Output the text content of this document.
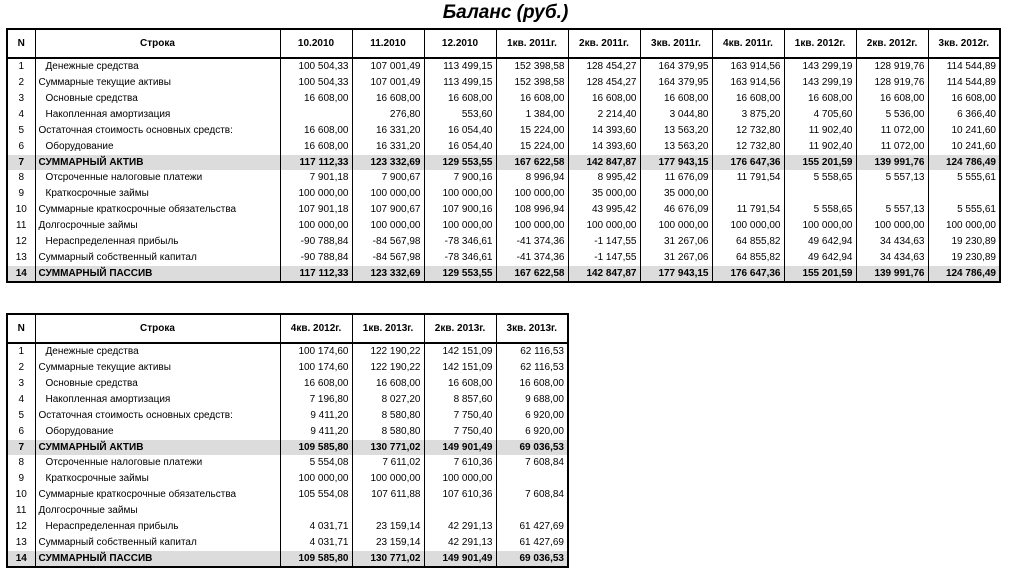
Баланс (руб.)
N	Строка	10.2010	11.2010	12.2010	1кв. 2011г.	2кв. 2011г.	3кв. 2011г.	4кв. 2011г.	1кв. 2012г.	2кв. 2012г.	3кв. 2012г.
1	Денежные средства	100 504,33	107 001,49	113 499,15	152 398,58	128 454,27	164 379,95	163 914,56	143 299,19	128 919,76	114 544,89
2	Суммарные текущие активы	100 504,33	107 001,49	113 499,15	152 398,58	128 454,27	164 379,95	163 914,56	143 299,19	128 919,76	114 544,89
3	Основные средства	16 608,00	16 608,00	16 608,00	16 608,00	16 608,00	16 608,00	16 608,00	16 608,00	16 608,00	16 608,00
4	Накопленная амортизация		276,80	553,60	1 384,00	2 214,40	3 044,80	3 875,20	4 705,60	5 536,00	6 366,40
5	Остаточная стоимость основных средств:	16 608,00	16 331,20	16 054,40	15 224,00	14 393,60	13 563,20	12 732,80	11 902,40	11 072,00	10 241,60
6	Оборудование	16 608,00	16 331,20	16 054,40	15 224,00	14 393,60	13 563,20	12 732,80	11 902,40	11 072,00	10 241,60
7	СУММАРНЫЙ АКТИВ	117 112,33	123 332,69	129 553,55	167 622,58	142 847,87	177 943,15	176 647,36	155 201,59	139 991,76	124 786,49
8	Отсроченные налоговые платежи	7 901,18	7 900,67	7 900,16	8 996,94	8 995,42	11 676,09	11 791,54	5 558,65	5 557,13	5 555,61
9	Краткосрочные займы	100 000,00	100 000,00	100 000,00	100 000,00	35 000,00	35 000,00				
10	Суммарные краткосрочные обязательства	107 901,18	107 900,67	107 900,16	108 996,94	43 995,42	46 676,09	11 791,54	5 558,65	5 557,13	5 555,61
11	Долгосрочные займы	100 000,00	100 000,00	100 000,00	100 000,00	100 000,00	100 000,00	100 000,00	100 000,00	100 000,00	100 000,00
12	Нераспределенная прибыль	-90 788,84	-84 567,98	-78 346,61	-41 374,36	-1 147,55	31 267,06	64 855,82	49 642,94	34 434,63	19 230,89
13	Суммарный собственный капитал	-90 788,84	-84 567,98	-78 346,61	-41 374,36	-1 147,55	31 267,06	64 855,82	49 642,94	34 434,63	19 230,89
14	СУММАРНЫЙ ПАССИВ	117 112,33	123 332,69	129 553,55	167 622,58	142 847,87	177 943,15	176 647,36	155 201,59	139 991,76	124 786,49
N	Строка	4кв. 2012г.	1кв. 2013г.	2кв. 2013г.	3кв. 2013г.
1	Денежные средства	100 174,60	122 190,22	142 151,09	62 116,53
2	Суммарные текущие активы	100 174,60	122 190,22	142 151,09	62 116,53
3	Основные средства	16 608,00	16 608,00	16 608,00	16 608,00
4	Накопленная амортизация	7 196,80	8 027,20	8 857,60	9 688,00
5	Остаточная стоимость основных средств:	9 411,20	8 580,80	7 750,40	6 920,00
6	Оборудование	9 411,20	8 580,80	7 750,40	6 920,00
7	СУММАРНЫЙ АКТИВ	109 585,80	130 771,02	149 901,49	69 036,53
8	Отсроченные налоговые платежи	5 554,08	7 611,02	7 610,36	7 608,84
9	Краткосрочные займы	100 000,00	100 000,00	100 000,00	
10	Суммарные краткосрочные обязательства	105 554,08	107 611,88	107 610,36	7 608,84
11	Долгосрочные займы				
12	Нераспределенная прибыль	4 031,71	23 159,14	42 291,13	61 427,69
13	Суммарный собственный капитал	4 031,71	23 159,14	42 291,13	61 427,69
14	СУММАРНЫЙ ПАССИВ	109 585,80	130 771,02	149 901,49	69 036,53
